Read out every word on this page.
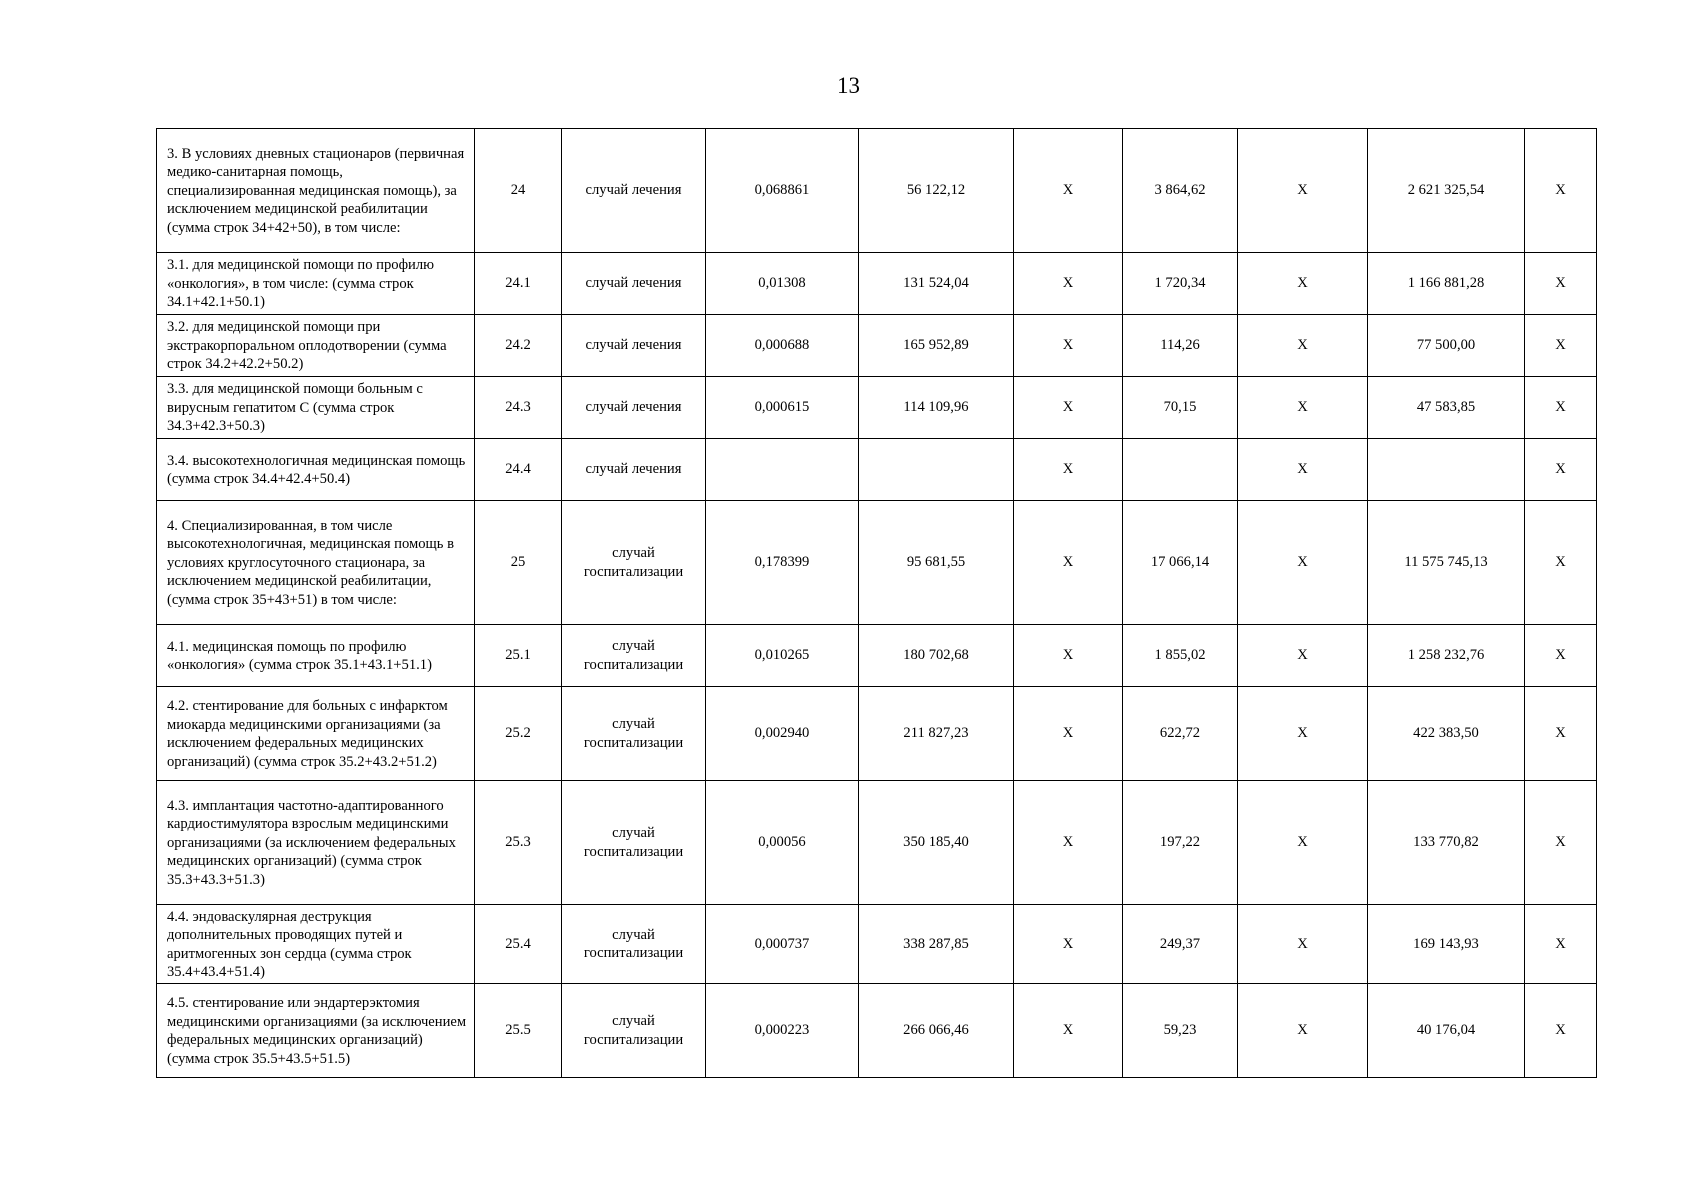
13
3. В условиях дневных стационаров (первичная медико-санитарная помощь, специализированная медицинская помощь), за исключением медицинской реабилитации (сумма строк 34+42+50), в том числе:	24	случай лечения	0,068861	56 122,12	Х	3 864,62	Х	2 621 325,54	Х
3.1. для медицинской помощи по профилю «онкология», в том числе: (сумма строк 34.1+42.1+50.1)	24.1	случай лечения	0,01308	131 524,04	Х	1 720,34	Х	1 166 881,28	Х
3.2. для медицинской помощи при экстракорпоральном оплодотворении (сумма строк 34.2+42.2+50.2)	24.2	случай лечения	0,000688	165 952,89	Х	114,26	Х	77 500,00	Х
3.3. для медицинской помощи больным с вирусным гепатитом С (сумма строк 34.3+42.3+50.3)	24.3	случай лечения	0,000615	114 109,96	Х	70,15	Х	47 583,85	Х
3.4. высокотехнологичная медицинская помощь (сумма строк 34.4+42.4+50.4)	24.4	случай лечения			Х		Х		Х
4. Специализированная, в том числе высокотехнологичная, медицинская помощь в условиях круглосуточного стационара, за исключением медицинской реабилитации, (сумма строк 35+43+51) в том числе:	25	случай госпитализации	0,178399	95 681,55	Х	17 066,14	Х	11 575 745,13	Х
4.1. медицинская помощь по профилю «онкология» (сумма строк 35.1+43.1+51.1)	25.1	случай госпитализации	0,010265	180 702,68	Х	1 855,02	Х	1 258 232,76	Х
4.2. стентирование для больных с инфарктом миокарда медицинскими организациями (за исключением федеральных медицинских организаций) (сумма строк 35.2+43.2+51.2)	25.2	случай госпитализации	0,002940	211 827,23	Х	622,72	Х	422 383,50	Х
4.3. имплантация частотно-адаптированного кардиостимулятора взрослым медицинскими организациями (за исключением федеральных медицинских организаций) (сумма строк 35.3+43.3+51.3)	25.3	случай госпитализации	0,00056	350 185,40	Х	197,22	Х	133 770,82	Х
4.4. эндоваскулярная деструкция дополнительных проводящих путей и аритмогенных зон сердца (сумма строк 35.4+43.4+51.4)	25.4	случай госпитализации	0,000737	338 287,85	Х	249,37	Х	169 143,93	Х
4.5. стентирование или эндартерэктомия медицинскими организациями (за исключением федеральных медицинских организаций) (сумма строк 35.5+43.5+51.5)	25.5	случай госпитализации	0,000223	266 066,46	Х	59,23	Х	40 176,04	Х
